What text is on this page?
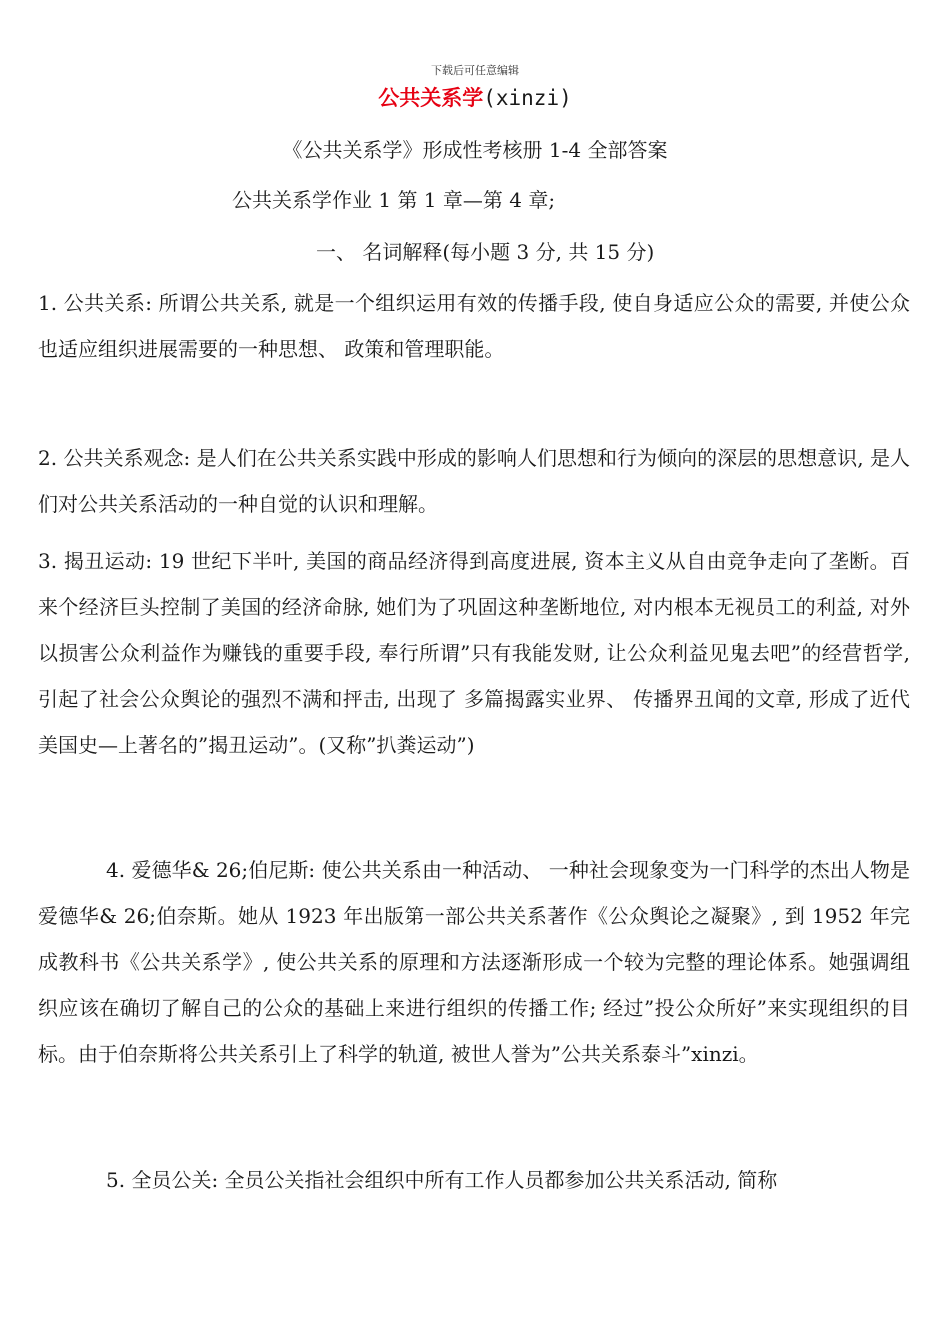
下载后可任意编辑
公共关系学(xinzi)
《公共关系学》形成性考核册 1-4 全部答案
公共关系学作业 1 第 1 章—第 4 章;
一、 名词解释(每小题 3 分, 共 15 分)
1. 公共关系: 所谓公共关系, 就是一个组织运用有效的传播手段, 使自身适应公众的需要, 并使公众也适应组织进展需要的一种思想、 政策和管理职能。
2. 公共关系观念: 是人们在公共关系实践中形成的影响人们思想和行为倾向的深层的思想意识, 是人们对公共关系活动的一种自觉的认识和理解。
3. 揭丑运动: 19 世纪下半叶, 美国的商品经济得到高度进展, 资本主义从自由竞争走向了垄断。百来个经济巨头控制了美国的经济命脉, 她们为了巩固这种垄断地位, 对内根本无视员工的利益, 对外以损害公众利益作为赚钱的重要手段, 奉行所谓”只有我能发财, 让公众利益见鬼去吧”的经营哲学, 引起了社会公众舆论的强烈不满和抨击, 出现了 多篇揭露实业界、 传播界丑闻的文章, 形成了近代美国史—上著名的”揭丑运动”。(又称”扒粪运动”)
4. 爱德华& 26;伯尼斯: 使公共关系由一种活动、 一种社会现象变为一门科学的杰出人物是爱德华& 26;伯奈斯。她从 1923 年出版第一部公共关系著作《公众舆论之凝聚》, 到 1952 年完成教科书《公共关系学》, 使公共关系的原理和方法逐渐形成一个较为完整的理论体系。她强调组织应该在确切了解自己的公众的基础上来进行组织的传播工作; 经过”投公众所好”来实现组织的目标。由于伯奈斯将公共关系引上了科学的轨道, 被世人誉为”公共关系泰斗”xinzi。
5. 全员公关: 全员公关指社会组织中所有工作人员都参加公共关系活动, 简称
